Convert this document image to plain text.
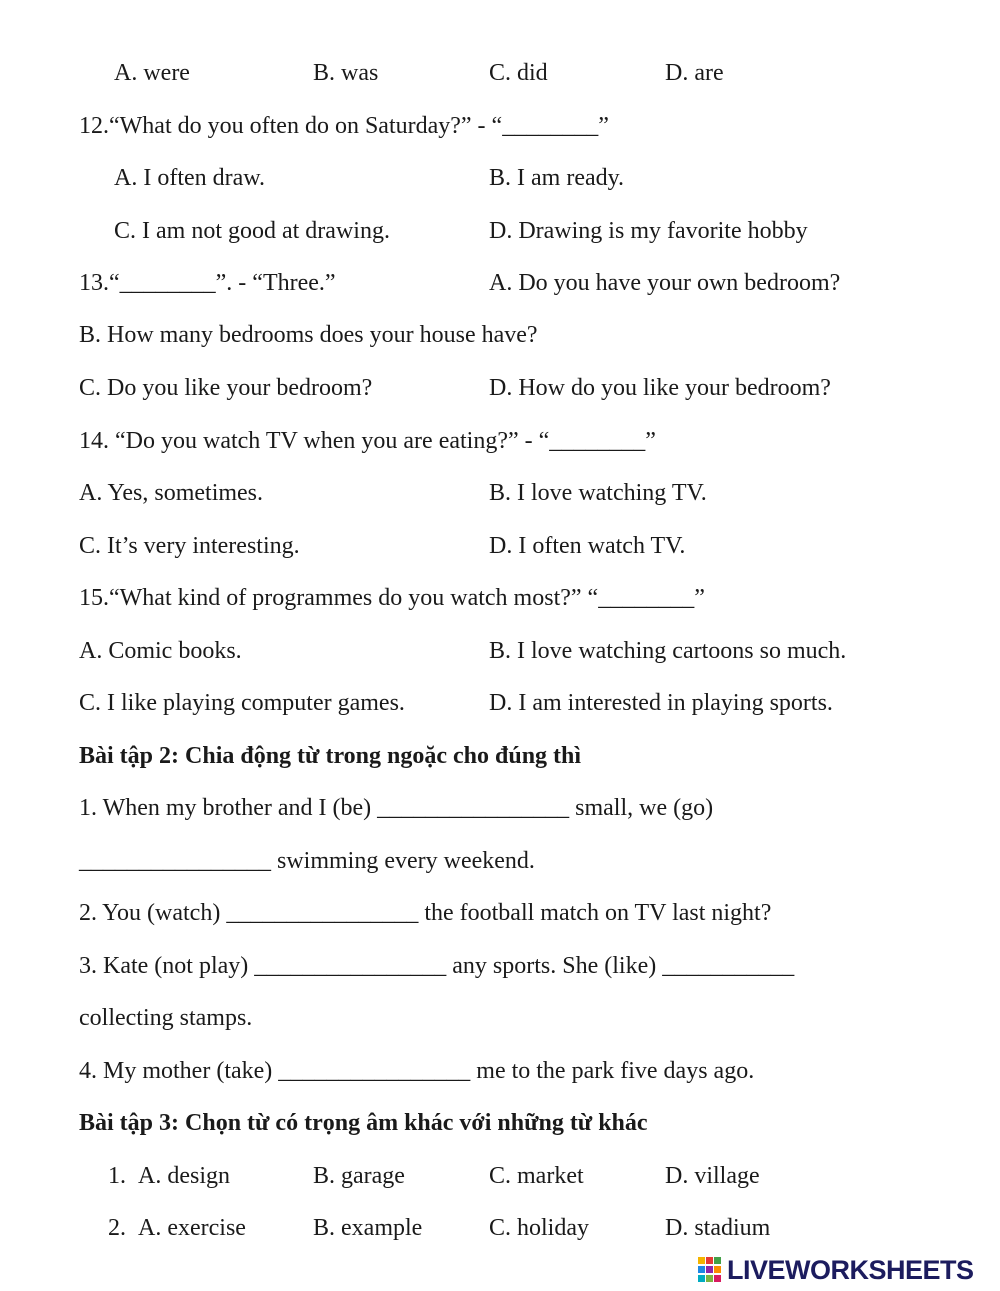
A. were	B. was	C. did	D. are
12.“What do you often do on Saturday?” - “________”
A. I often draw.	B. I am ready.
C. I am not good at drawing.	D. Drawing is my favorite hobby
13.“________”. - “Three.”	A. Do you have your own bedroom?
B. How many bedrooms does your house have?
C. Do you like your bedroom?	D. How do you like your bedroom?
14. “Do you watch TV when you are eating?” - “________”
A. Yes, sometimes.	B. I love watching TV.
C. It’s very interesting.	D. I often watch TV.
15.“What kind of programmes do you watch most?” “________”
A. Comic books.	B. I love watching cartoons so much.
C. I like playing computer games.	D. I am interested in playing sports.
Bài tập 2: Chia động từ trong ngoặc cho đúng thì
1. When my brother and I (be) ________________ small, we (go)
________________ swimming every weekend.
2. You (watch) ________________ the football match on TV last night?
3. Kate (not play) ________________ any sports. She (like) ___________
collecting stamps.
4. My mother (take) ________________ me to the park five days ago.
Bài tập 3: Chọn từ có trọng âm khác với những từ khác
1. A. design	B. garage	C. market	D. village
2. A. exercise	B. example	C. holiday	D. stadium
LIVEWORKSHEETS
